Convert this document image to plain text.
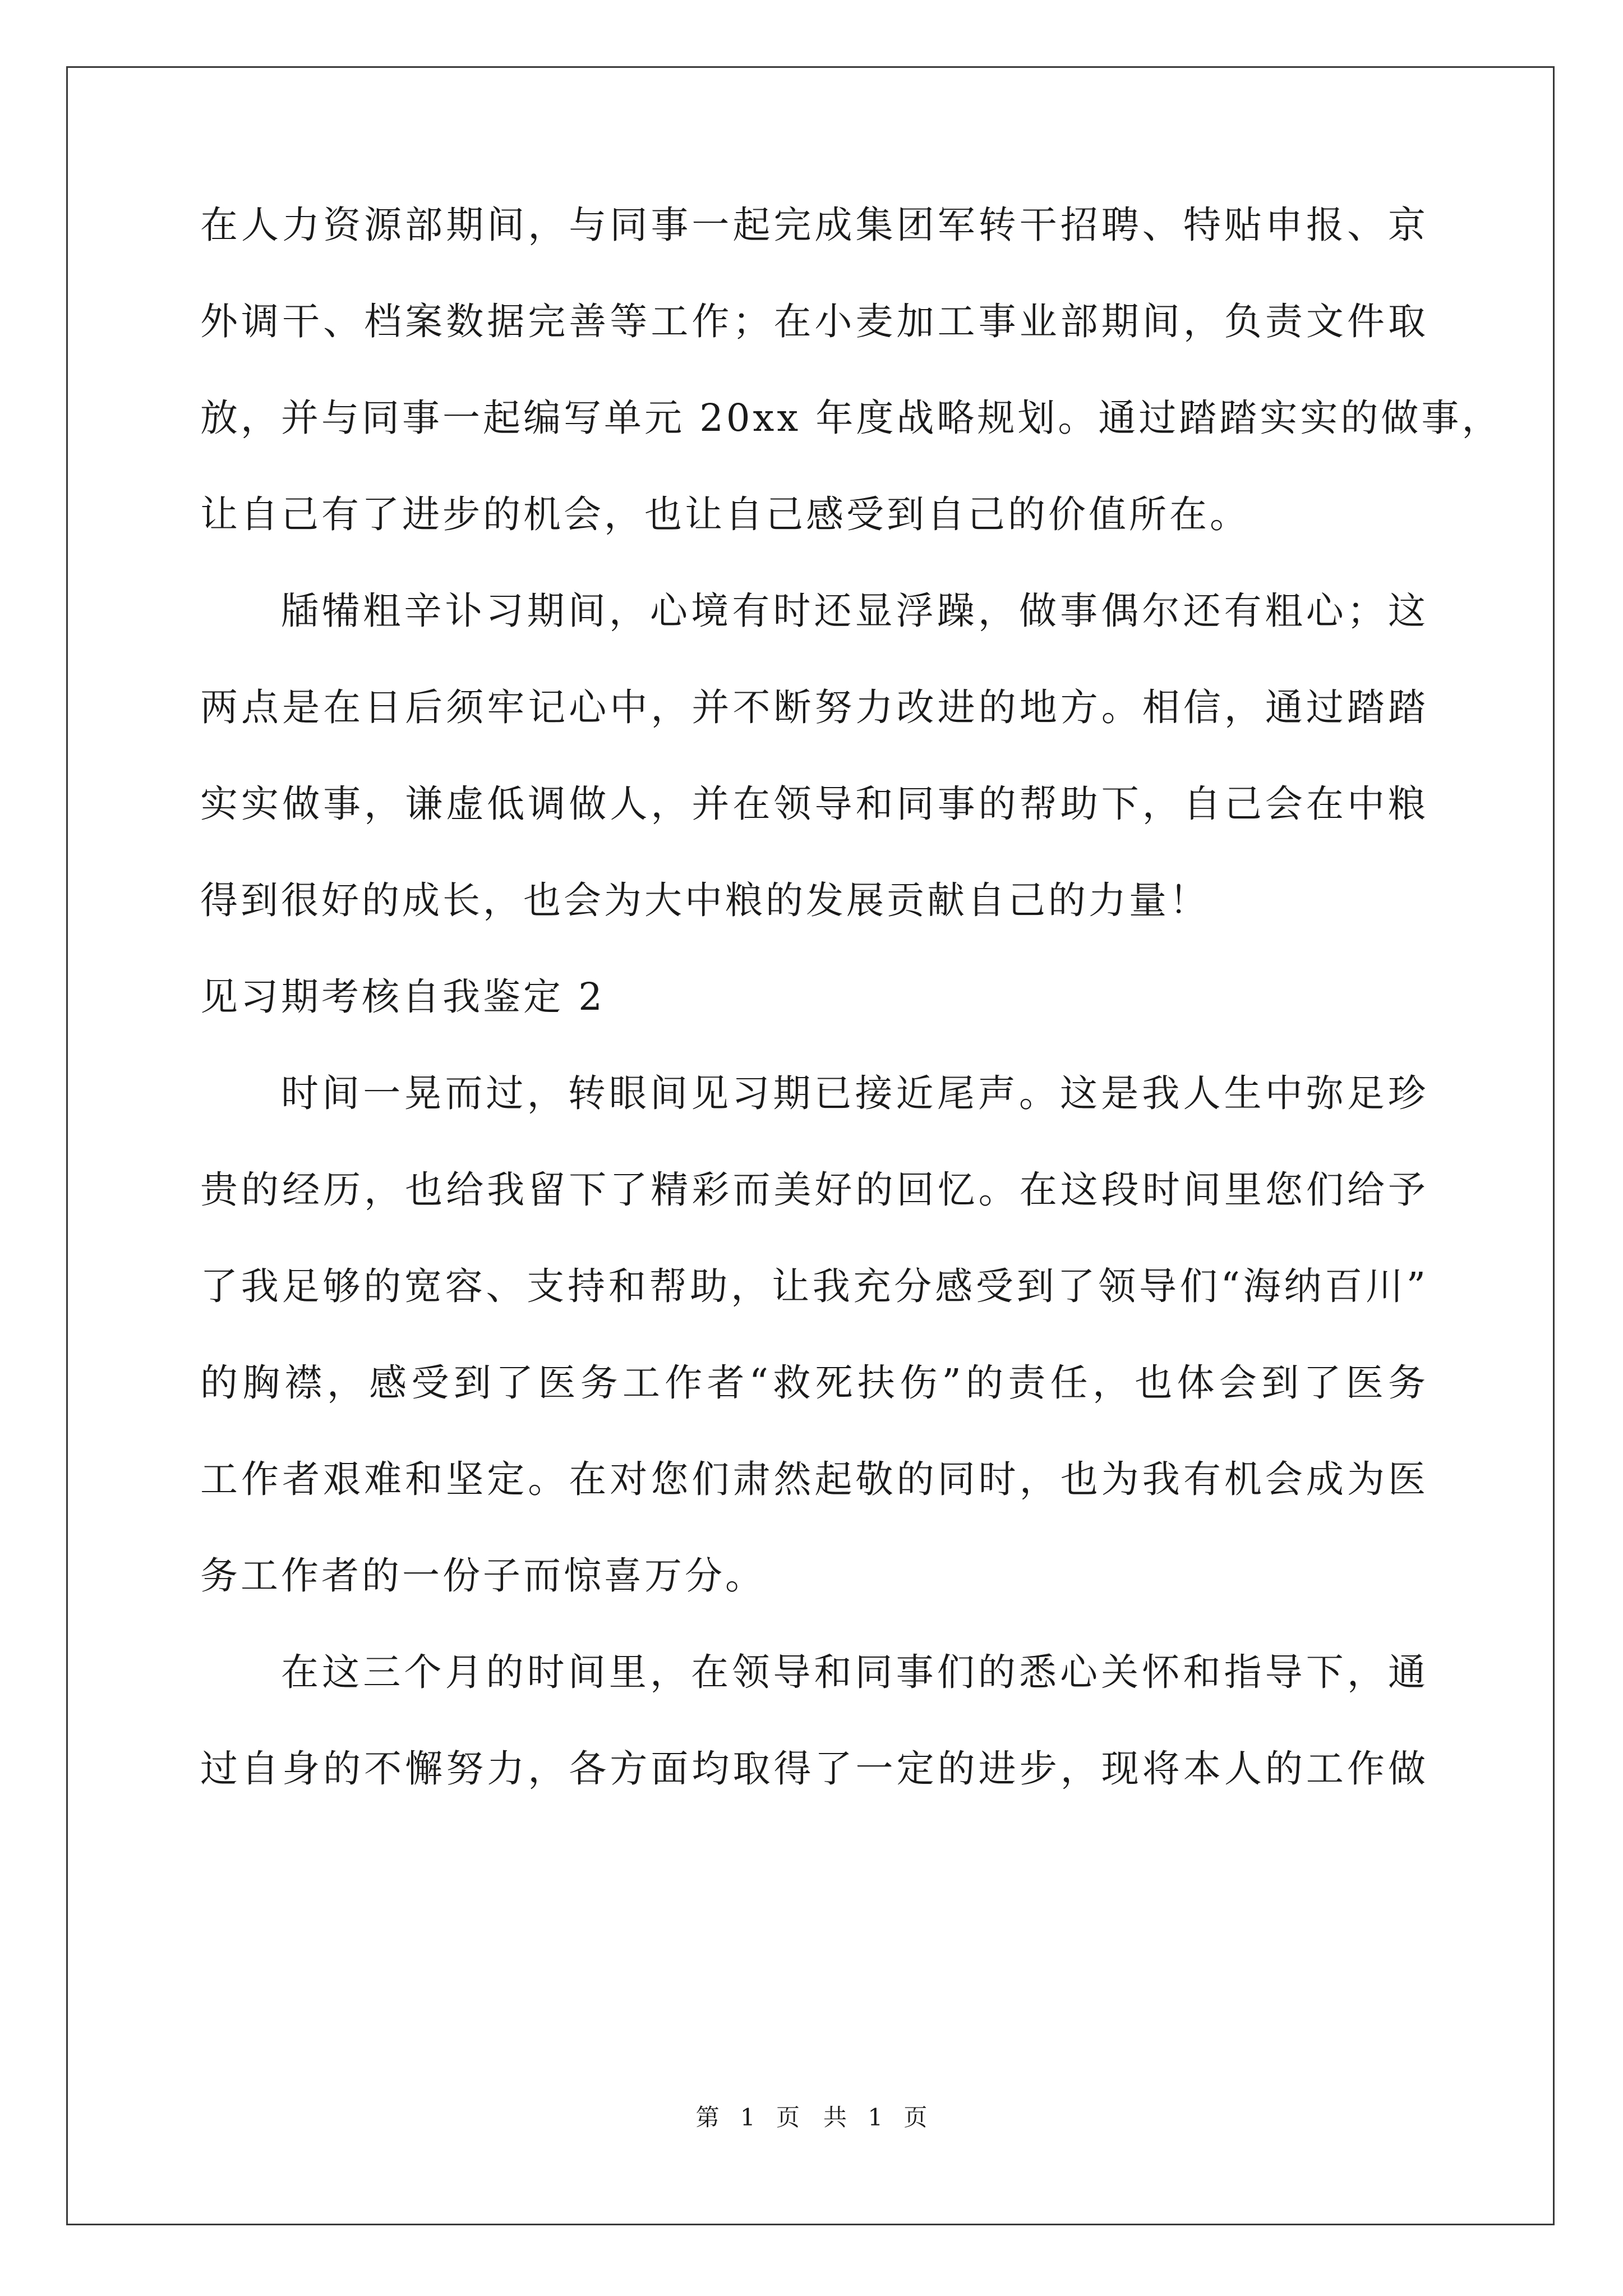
在人力资源部期间，与同事一起完成集团军转干招聘、特贴申报、京
外调干、档案数据完善等工作；在小麦加工事业部期间，负责文件取
放，并与同事一起编写单元 20xx 年度战略规划。通过踏踏实实的做事，
让自己有了进步的机会，也让自己感受到自己的价值所在。
牐犕粗辛讣习期间，心境有时还显浮躁，做事偶尔还有粗心；这
两点是在日后须牢记心中，并不断努力改进的地方。相信，通过踏踏
实实做事，谦虚低调做人，并在领导和同事的帮助下，自己会在中粮
得到很好的成长，也会为大中粮的发展贡献自己的力量！
见习期考核自我鉴定 2
时间一晃而过，转眼间见习期已接近尾声。这是我人生中弥足珍
贵的经历，也给我留下了精彩而美好的回忆。在这段时间里您们给予
了我足够的宽容、支持和帮助，让我充分感受到了领导们“海纳百川”
的胸襟，感受到了医务工作者“救死扶伤”的责任，也体会到了医务
工作者艰难和坚定。在对您们肃然起敬的同时，也为我有机会成为医
务工作者的一份子而惊喜万分。
在这三个月的时间里，在领导和同事们的悉心关怀和指导下，通
过自身的不懈努力，各方面均取得了一定的进步，现将本人的工作做
第 1 页　共 1 页
